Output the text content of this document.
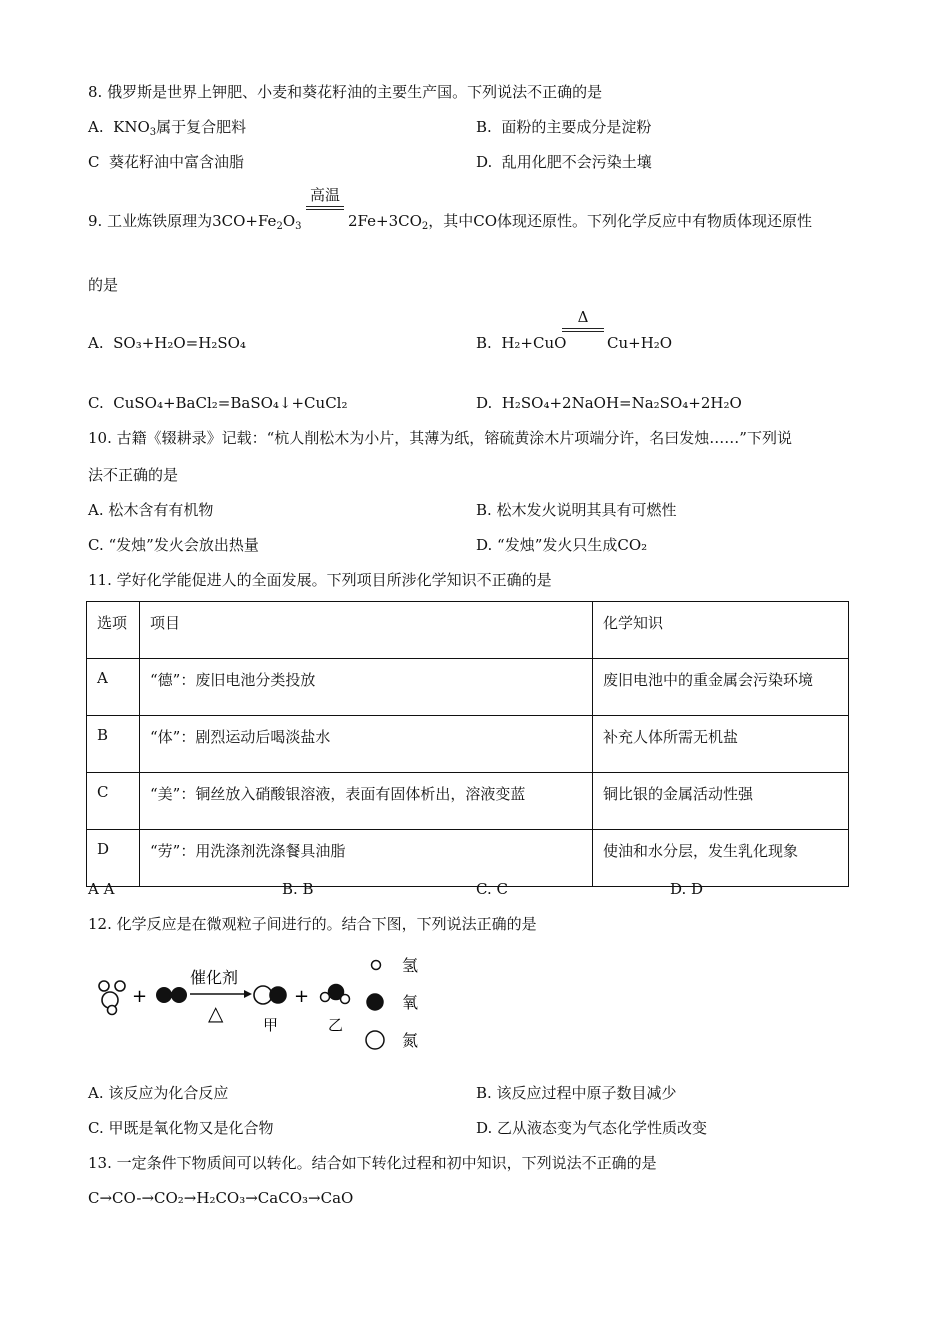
8. 俄罗斯是世界上钾肥、小麦和葵花籽油的主要生产国。下列说法不正确的是
A. $KNO_3$属于复合肥料	B.  面粉的主要成分是淀粉
C  葵花籽油中富含油脂	D.  乱用化肥不会污染土壤
9. 工业炼铁原理为$3CO+Fe_2O_3$
高温
$2Fe+3CO_2$，其中CO体现还原性。下列化学反应中有物质体现还原性
的是
A.  SO₃+H₂O=H₂SO₄	B.  H₂+CuO
Δ
Cu+H₂O
C.  CuSO₄+BaCl₂=BaSO₄↓+CuCl₂	D.  H₂SO₄+2NaOH=Na₂SO₄+2H₂O
10. 古籍《辍耕录》记载：“杭人削松木为小片，其薄为纸，镕硫黄涂木片项端分许，名曰发烛……”下列说
法不正确的是
A. 松木含有有机物	B. 松木发火说明其具有可燃性
C. “发烛”发火会放出热量	D. “发烛”发火只生成CO₂
11. 学好化学能促进人的全面发展。下列项目所涉化学知识不正确的是
选项	项目	化学知识
A	“德”：废旧电池分类投放	废旧电池中的重金属会污染环境
B	“体”：剧烈运动后喝淡盐水	补充人体所需无机盐
C	“美”：铜丝放入硝酸银溶液，表面有固体析出，溶液变蓝	铜比银的金属活动性强
D	“劳”：用洗涤剂洗涤餐具油脂	使油和水分层，发生乳化现象
A A	B. B	C. C	D. D
12. 化学反应是在微观粒子间进行的。结合下图，下列说法正确的是
+
催化剂
△	甲
+
乙
氢
氧
氮
A. 该反应为化合反应	B. 该反应过程中原子数目减少
C. 甲既是氧化物又是化合物	D. 乙从液态变为气态化学性质改变
13. 一定条件下物质间可以转化。结合如下转化过程和初中知识，下列说法不正确的是
C→CO-→CO₂→H₂CO₃→CaCO₃→CaO
